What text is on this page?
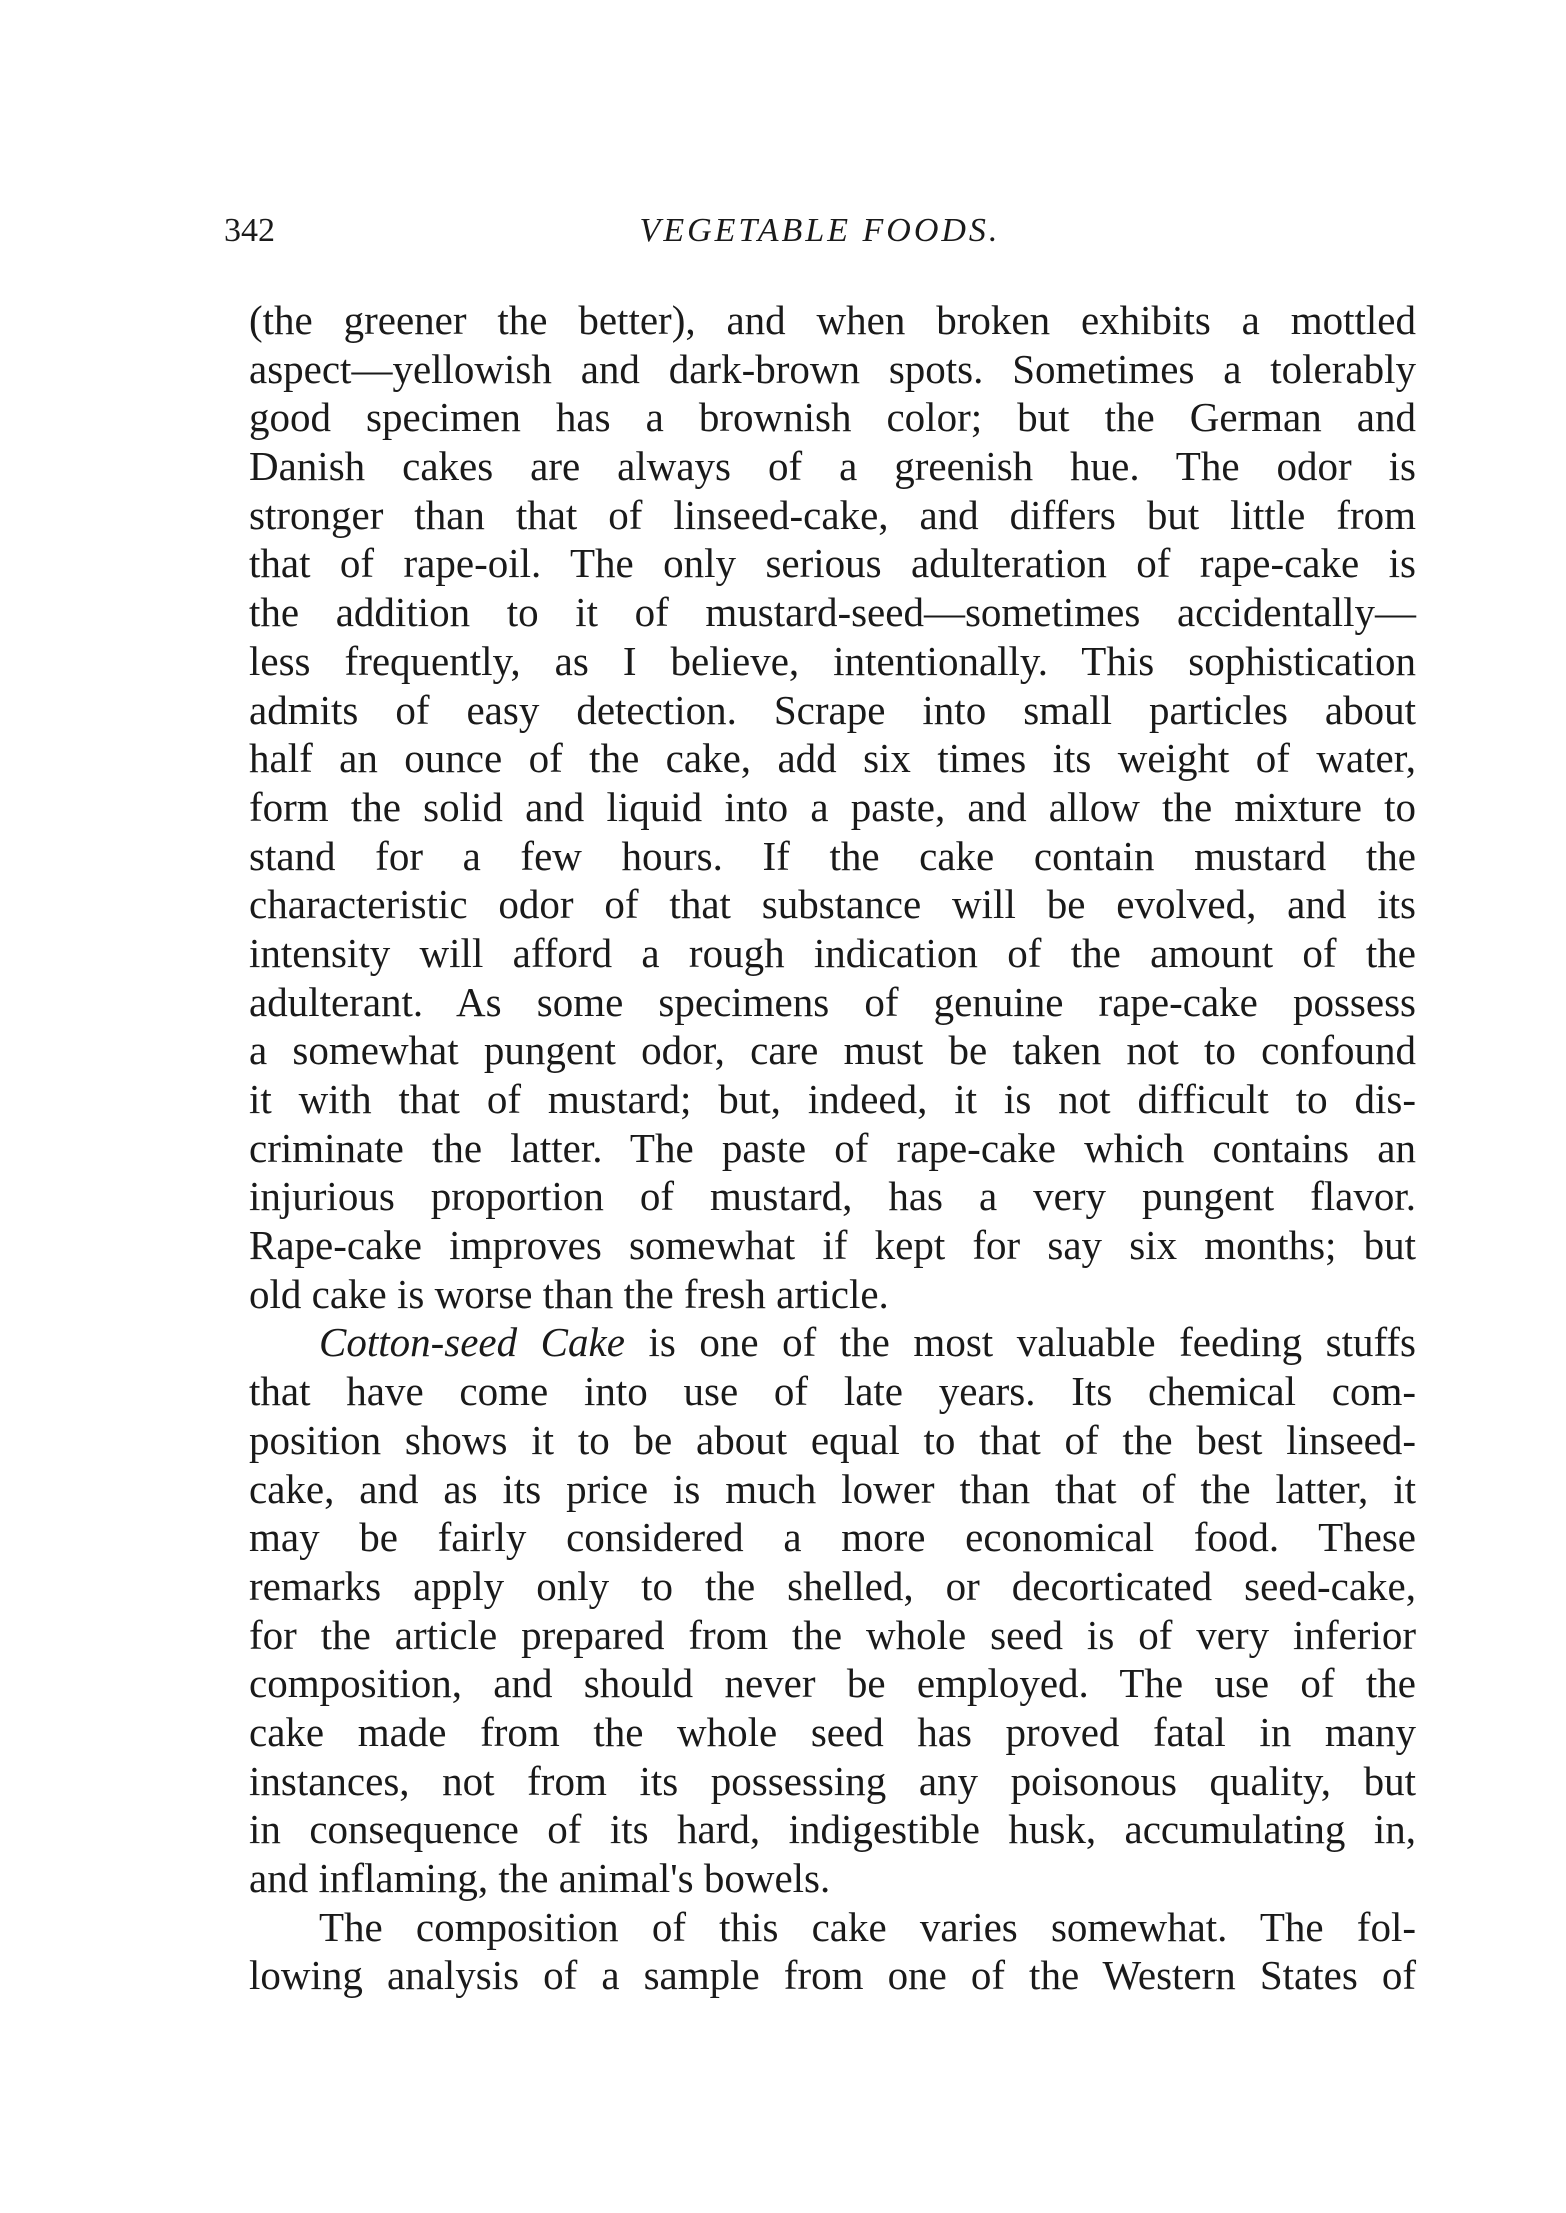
342	VEGETABLE FOODS.
(the greener the better), and when broken exhibits a mottled
aspect—yellowish and dark-brown spots. Sometimes a tolerably
good specimen has a brownish color; but the German and
Danish cakes are always of a greenish hue. The odor is
stronger than that of linseed-cake, and differs but little from
that of rape-oil. The only serious adulteration of rape-cake is
the addition to it of mustard-seed—sometimes accidentally—
less frequently, as I believe, intentionally. This sophistication
admits of easy detection. Scrape into small particles about
half an ounce of the cake, add six times its weight of water,
form the solid and liquid into a paste, and allow the mixture to
stand for a few hours. If the cake contain mustard the
characteristic odor of that substance will be evolved, and its
intensity will afford a rough indication of the amount of the
adulterant. As some specimens of genuine rape-cake possess
a somewhat pungent odor, care must be taken not to confound
it with that of mustard; but, indeed, it is not difficult to dis-
criminate the latter. The paste of rape-cake which contains an
injurious proportion of mustard, has a very pungent flavor.
Rape-cake improves somewhat if kept for say six months; but
old cake is worse than the fresh article.
Cotton-seed Cake is one of the most valuable feeding stuffs
that have come into use of late years. Its chemical com-
position shows it to be about equal to that of the best linseed-
cake, and as its price is much lower than that of the latter, it
may be fairly considered a more economical food. These
remarks apply only to the shelled, or decorticated seed-cake,
for the article prepared from the whole seed is of very inferior
composition, and should never be employed. The use of the
cake made from the whole seed has proved fatal in many
instances, not from its possessing any poisonous quality, but
in consequence of its hard, indigestible husk, accumulating in,
and inflaming, the animal's bowels.
The composition of this cake varies somewhat. The fol-
lowing analysis of a sample from one of the Western States of
